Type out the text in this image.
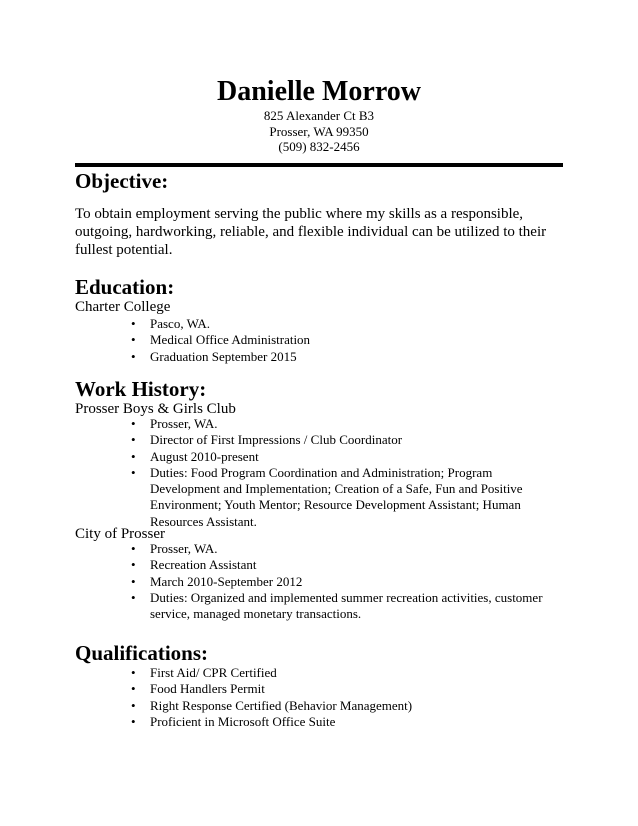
Danielle Morrow
825 Alexander Ct B3
Prosser, WA 99350
(509) 832-2456
Objective:
To obtain employment serving the public where my skills as a responsible, outgoing, hardworking, reliable, and flexible individual can be utilized to their fullest potential.
Education:
Charter College
• Pasco, WA.
• Medical Office Administration
• Graduation September 2015
Work History:
Prosser Boys & Girls Club
• Prosser, WA.
• Director of First Impressions / Club Coordinator
• August 2010-present
• Duties: Food Program Coordination and Administration; Program Development and Implementation; Creation of a Safe, Fun and Positive Environment; Youth Mentor; Resource Development Assistant; Human Resources Assistant.
City of Prosser
• Prosser, WA.
• Recreation Assistant
• March 2010-September 2012
• Duties: Organized and implemented summer recreation activities, customer service, managed monetary transactions.
Qualifications:
• First Aid/ CPR Certified
• Food Handlers Permit
• Right Response Certified (Behavior Management)
• Proficient in Microsoft Office Suite
